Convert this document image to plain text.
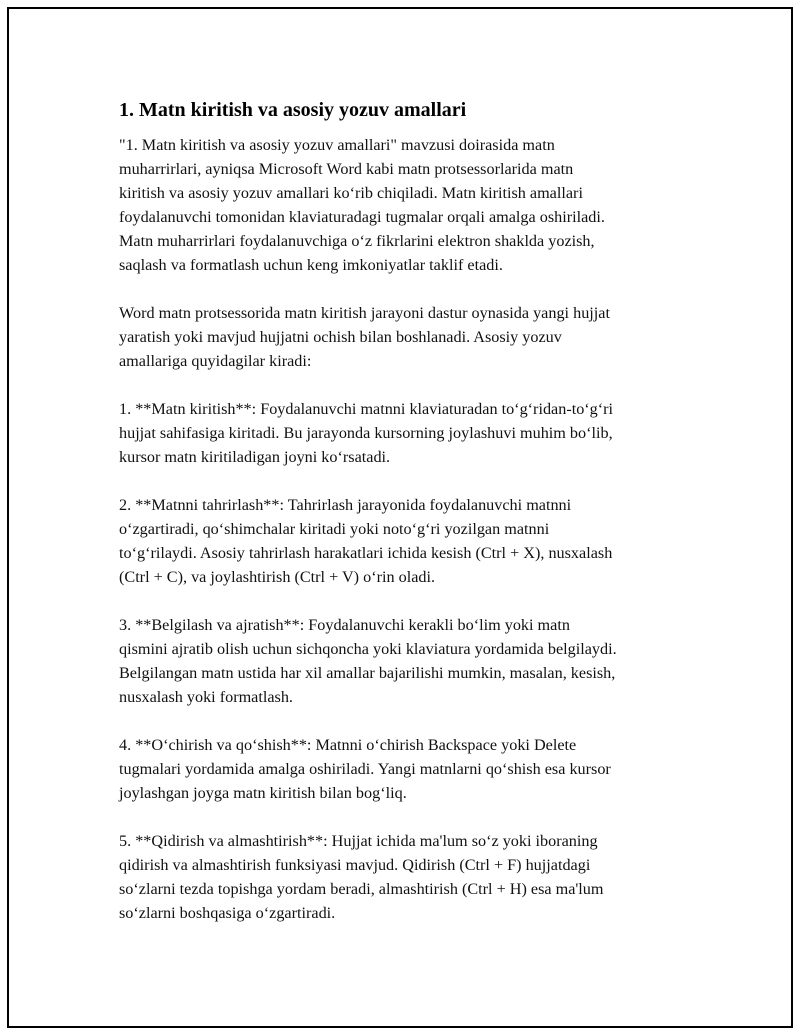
1. Matn kiritish va asosiy yozuv amallari

"1. Matn kiritish va asosiy yozuv amallari" mavzusi doirasida matn
muharrirlari, ayniqsa Microsoft Word kabi matn protsessorlarida matn
kiritish va asosiy yozuv amallari koʻrib chiqiladi. Matn kiritish amallari
foydalanuvchi tomonidan klaviaturadagi tugmalar orqali amalga oshiriladi.
Matn muharrirlari foydalanuvchiga oʻz fikrlarini elektron shaklda yozish,
saqlash va formatlash uchun keng imkoniyatlar taklif etadi.

Word matn protsessorida matn kiritish jarayoni dastur oynasida yangi hujjat
yaratish yoki mavjud hujjatni ochish bilan boshlanadi. Asosiy yozuv
amallariga quyidagilar kiradi:

1. **Matn kiritish**: Foydalanuvchi matnni klaviaturadan toʻgʻridan-toʻgʻri
hujjat sahifasiga kiritadi. Bu jarayonda kursorning joylashuvi muhim boʻlib,
kursor matn kiritiladigan joyni koʻrsatadi.

2. **Matnni tahrirlash**: Tahrirlash jarayonida foydalanuvchi matnni
oʻzgartiradi, qoʻshimchalar kiritadi yoki notoʻgʻri yozilgan matnni
toʻgʻrilaydi. Asosiy tahrirlash harakatlari ichida kesish (Ctrl + X), nusxalash
(Ctrl + C), va joylashtirish (Ctrl + V) oʻrin oladi.

3. **Belgilash va ajratish**: Foydalanuvchi kerakli boʻlim yoki matn
qismini ajratib olish uchun sichqoncha yoki klaviatura yordamida belgilaydi.
Belgilangan matn ustida har xil amallar bajarilishi mumkin, masalan, kesish,
nusxalash yoki formatlash.

4. **Oʻchirish va qoʻshish**: Matnni oʻchirish Backspace yoki Delete
tugmalari yordamida amalga oshiriladi. Yangi matnlarni qoʻshish esa kursor
joylashgan joyga matn kiritish bilan bogʻliq.

5. **Qidirish va almashtirish**: Hujjat ichida ma'lum soʻz yoki iboraning
qidirish va almashtirish funksiyasi mavjud. Qidirish (Ctrl + F) hujjatdagi
soʻzlarni tezda topishga yordam beradi, almashtirish (Ctrl + H) esa ma'lum
soʻzlarni boshqasiga oʻzgartiradi.
